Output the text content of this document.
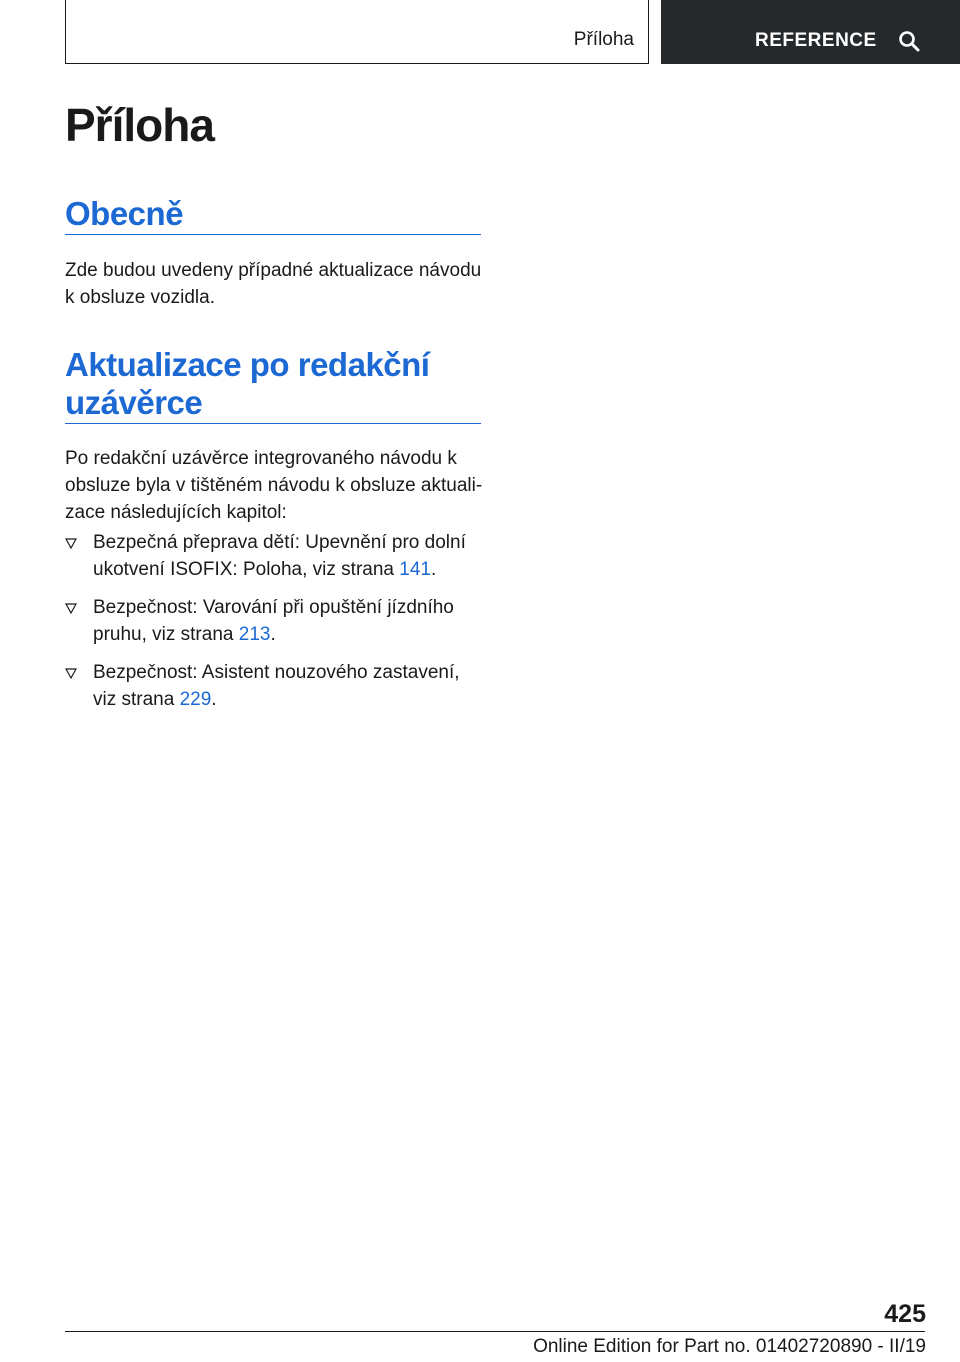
Příloha	REFERENCE
Příloha
Obecně

Zde budou uvedeny případné aktualizace návodu k obsluze vozidla.

Aktualizace po redakční
uzávěrce

Po redakční uzávěrce integrovaného návodu k obsluze byla v tištěném návodu k obsluze aktuali‐zace následujících kapitol:

Bezpečná přeprava dětí: Upevnění pro dolní ukotvení ISOFIX: Poloha, viz strana 141.
Bezpečnost: Varování při opuštění jízdního pruhu, viz strana 213.
Bezpečnost: Asistent nouzového zastavení, viz strana 229.
425
Online Edition for Part no. 01402720890 - II/19
